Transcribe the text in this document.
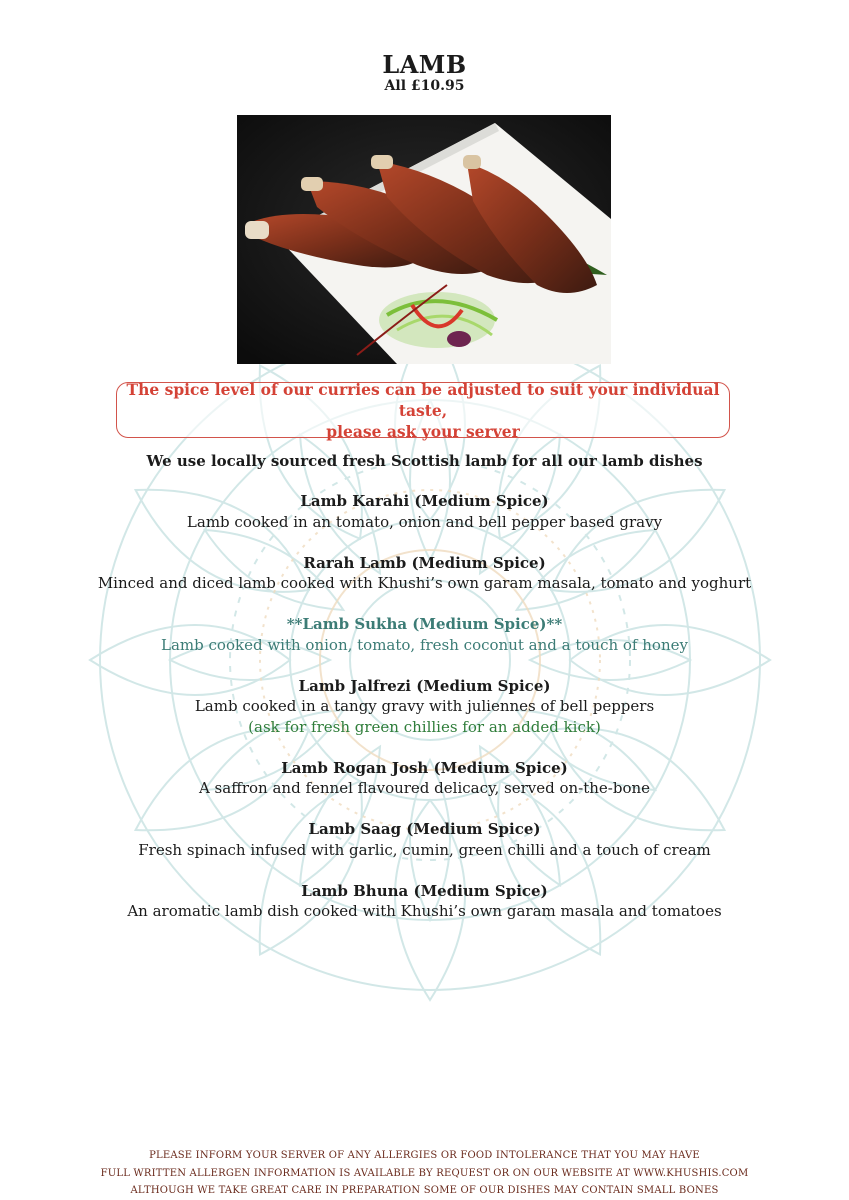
LAMB
All £10.95
The spice level of our curries can be adjusted to suit your individual taste,
please ask your server
We use locally sourced fresh Scottish lamb for all our lamb dishes
Lamb Karahi (Medium Spice)
Lamb cooked in an tomato, onion and bell pepper based gravy
Rarah Lamb (Medium Spice)
Minced and diced lamb cooked with Khushi’s own garam masala, tomato and yoghurt
**Lamb Sukha (Medium Spice)**
Lamb cooked with onion, tomato, fresh coconut and a touch of honey
Lamb Jalfrezi (Medium Spice)
Lamb cooked in a tangy gravy with juliennes of bell peppers
(ask for fresh green chillies for an added kick)
Lamb Rogan Josh (Medium Spice)
A saffron and fennel flavoured delicacy, served on-the-bone
Lamb Saag (Medium Spice)
Fresh spinach infused with garlic, cumin, green chilli and a touch of cream
Lamb Bhuna (Medium Spice)
An aromatic lamb dish cooked with Khushi’s own garam masala and tomatoes
PLEASE INFORM YOUR SERVER OF ANY ALLERGIES OR FOOD INTOLERANCE THAT YOU MAY HAVE
FULL WRITTEN ALLERGEN INFORMATION IS AVAILABLE BY REQUEST OR ON OUR WEBSITE AT WWW.KHUSHIS.COM
ALTHOUGH WE TAKE GREAT CARE IN PREPARATION SOME OF OUR DISHES MAY CONTAIN SMALL BONES
